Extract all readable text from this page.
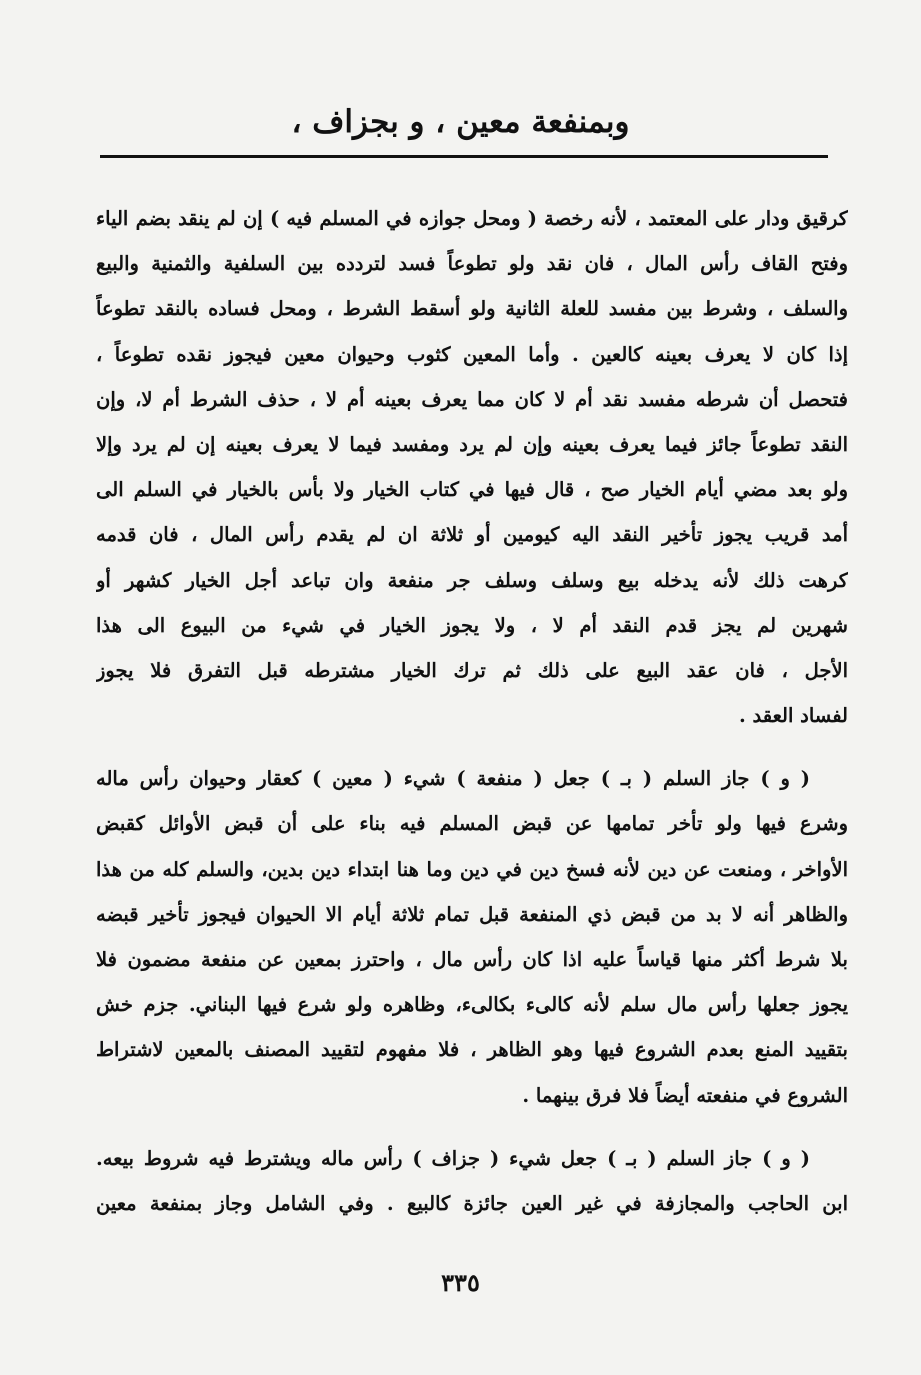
وبمنفعة معين ، و بجزاف ،
كرقيق ودار على المعتمد ، لأنه رخصة ( ومحل جوازه في المسلم فيه ) إن لم ينقد بضم الياء
وفتح القاف رأس المال ، فان نقد ولو تطوعاً فسد لتردده بين السلفية والثمنية والبيع
والسلف ، وشرط بين مفسد للعلة الثانية ولو أسقط الشرط ، ومحل فساده بالنقد تطوعاً
إذا كان لا يعرف بعينه كالعين . وأما المعين كثوب وحيوان معين فيجوز نقده تطوعاً ،
فتحصل أن شرطه مفسد نقد أم لا كان مما يعرف بعينه أم لا ، حذف الشرط أم لا، وإن
النقد تطوعاً جائز فيما يعرف بعينه وإن لم يرد ومفسد فيما لا يعرف بعينه إن لم يرد وإلا
ولو بعد مضي أيام الخيار صح ، قال فيها في كتاب الخيار ولا بأس بالخيار في السلم الى
أمد قريب يجوز تأخير النقد اليه كيومين أو ثلاثة ان لم يقدم رأس المال ، فان قدمه
كرهت ذلك لأنه يدخله بيع وسلف وسلف جر منفعة وان تباعد أجل الخيار كشهر أو
شهرين لم يجز قدم النقد أم لا ، ولا يجوز الخيار في شيء من البيوع الى هذا
الأجل ، فان عقد البيع على ذلك ثم ترك الخيار مشترطه قبل التفرق فلا يجوز
لفساد العقد .
( و ) جاز السلم ( بـ ) جعل ( منفعة ) شيء ( معين ) كعقار وحيوان رأس ماله
وشرع فيها ولو تأخر تمامها عن قبض المسلم فيه بناء على أن قبض الأوائل كقبض
الأواخر ، ومنعت عن دين لأنه فسخ دين في دين وما هنا ابتداء دين بدين، والسلم كله من هذا
والظاهر أنه لا بد من قبض ذي المنفعة قبل تمام ثلاثة أيام الا الحيوان فيجوز تأخير قبضه
بلا شرط أكثر منها قياساً عليه اذا كان رأس مال ، واحترز بمعين عن منفعة مضمون فلا
يجوز جعلها رأس مال سلم لأنه كالىء بكالىء، وظاهره ولو شرع فيها البناني. جزم خش
بتقييد المنع بعدم الشروع فيها وهو الظاهر ، فلا مفهوم لتقييد المصنف بالمعين لاشتراط
الشروع في منفعته أيضاً فلا فرق بينهما .
( و ) جاز السلم ( بـ ) جعل شيء ( جزاف ) رأس ماله ويشترط فيه شروط بيعه.
ابن الحاجب والمجازفة في غير العين جائزة كالبيع . وفي الشامل وجاز بمنفعة معين
٣٣٥
